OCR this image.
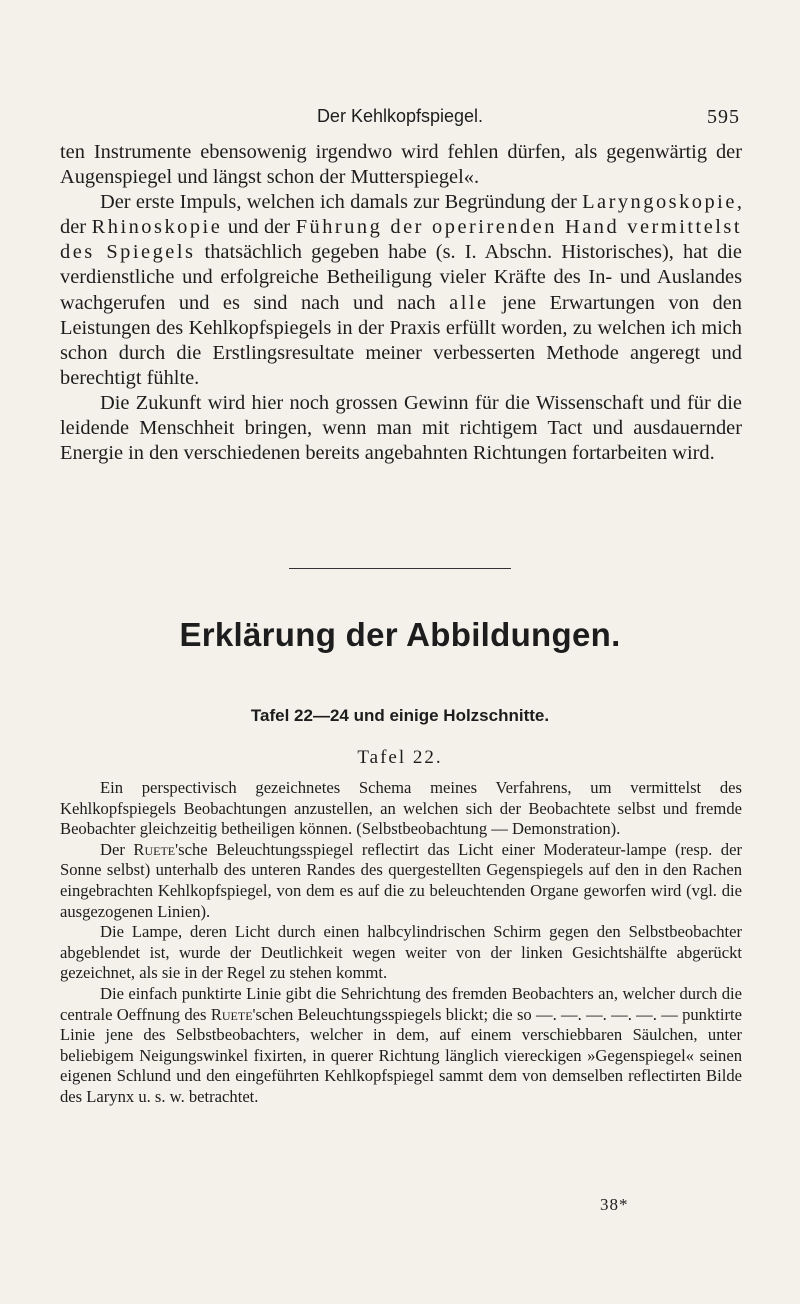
Der Kehlkopfspiegel.	595

ten Instrumente ebensowenig irgendwo wird fehlen dürfen, als gegenwärtig der Augenspiegel und längst schon der Mutterspiegel«.

Der erste Impuls, welchen ich damals zur Begründung der Laryngoskopie, der Rhinoskopie und der Führung der operirenden Hand vermittelst des Spiegels thatsächlich gegeben habe (s. I. Abschn. Historisches), hat die verdienstliche und erfolgreiche Betheiligung vieler Kräfte des In- und Auslandes wachgerufen und es sind nach und nach alle jene Erwartungen von den Leistungen des Kehlkopfspiegels in der Praxis erfüllt worden, zu welchen ich mich schon durch die Erstlingsresultate meiner verbesserten Methode angeregt und berechtigt fühlte.

Die Zukunft wird hier noch grossen Gewinn für die Wissenschaft und für die leidende Menschheit bringen, wenn man mit richtigem Tact und ausdauernder Energie in den verschiedenen bereits angebahnten Richtungen fortarbeiten wird.

Erklärung der Abbildungen.
Tafel 22—24 und einige Holzschnitte.
Tafel 22.

Ein perspectivisch gezeichnetes Schema meines Verfahrens, um vermittelst des Kehlkopfspiegels Beobachtungen anzustellen, an welchen sich der Beobachtete selbst und fremde Beobachter gleichzeitig betheiligen können. (Selbstbeobachtung — Demonstration).

Der Ruete'sche Beleuchtungsspiegel reflectirt das Licht einer Moderateur-lampe (resp. der Sonne selbst) unterhalb des unteren Randes des quergestellten Gegenspiegels auf den in den Rachen eingebrachten Kehlkopfspiegel, von dem es auf die zu beleuchtenden Organe geworfen wird (vgl. die ausgezogenen Linien).

Die Lampe, deren Licht durch einen halbcylindrischen Schirm gegen den Selbstbeobachter abgeblendet ist, wurde der Deutlichkeit wegen weiter von der linken Gesichtshälfte abgerückt gezeichnet, als sie in der Regel zu stehen kommt.

Die einfach punktirte Linie gibt die Sehrichtung des fremden Beobachters an, welcher durch die centrale Oeffnung des Ruete'schen Beleuchtungsspiegels blickt; die so —. —. —. —. —. — punktirte Linie jene des Selbstbeobachters, welcher in dem, auf einem verschiebbaren Säulchen, unter beliebigem Neigungswinkel fixirten, in querer Richtung länglich viereckigen »Gegenspiegel« seinen eigenen Schlund und den eingeführten Kehlkopfspiegel sammt dem von demselben reflectirten Bilde des Larynx u. s. w. betrachtet.

38*
